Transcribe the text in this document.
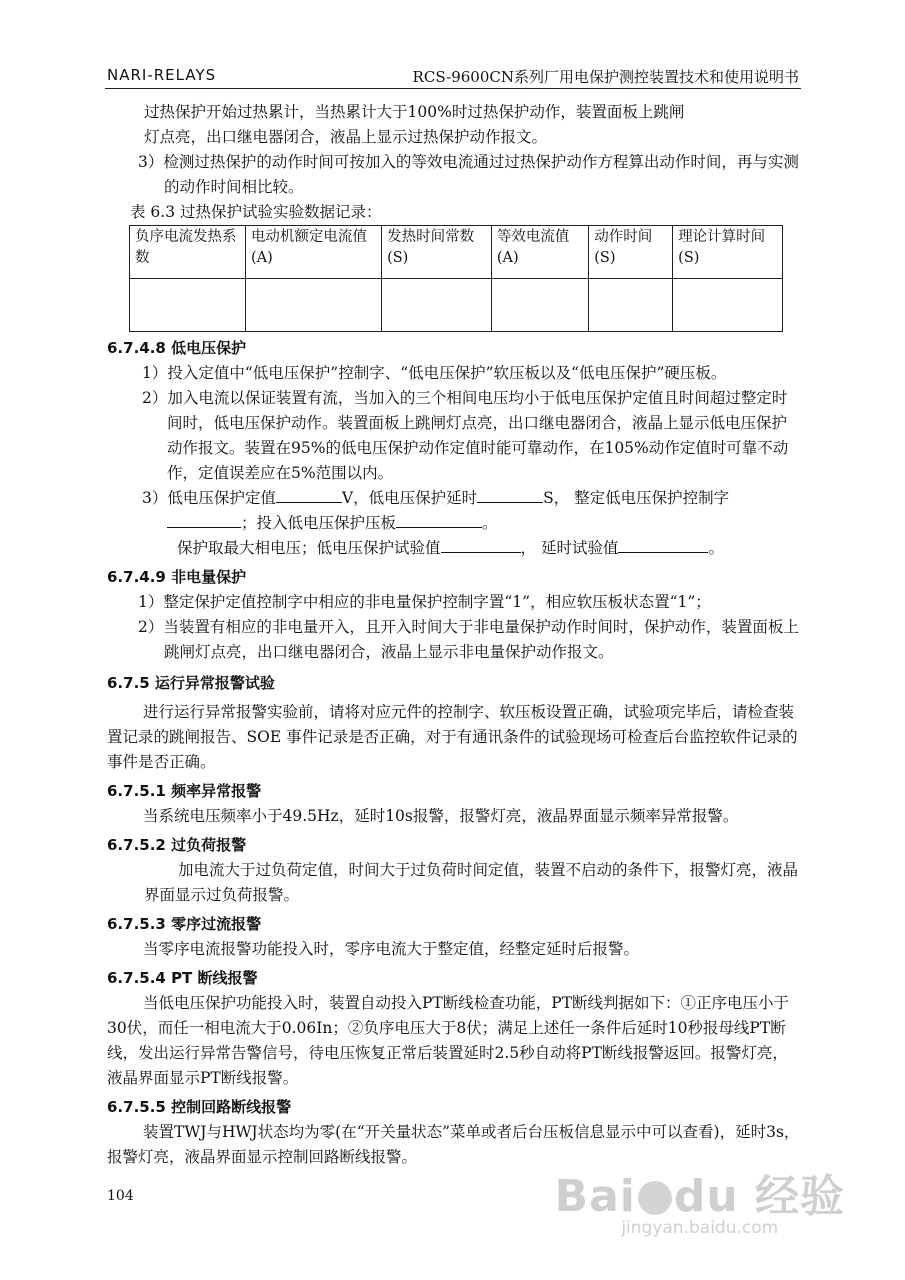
NARI-RELAYS	RCS-9600CN系列厂用电保护测控装置技术和使用说明书
过热保护开始过热累计，当热累计大于100%时过热保护动作，装置面板上跳闸
灯点亮，出口继电器闭合，液晶上显示过热保护动作报文。
3）检测过热保护的动作时间可按加入的等效电流通过过热保护动作方程算出动作时间，再与实测的动作时间相比较。
表 6.3 过热保护试验实验数据记录：
负序电流发热系数	电动机额定电流值(A)	发热时间常数(S)	等效电流值(A)	动作时间(S)	理论计算时间(S)

6.7.4.8 低电压保护
1）投入定值中“低电压保护”控制字、“低电压保护”软压板以及“低电压保护”硬压板。
2）加入电流以保证装置有流，当加入的三个相间电压均小于低电压保护定值且时间超过整定时间时，低电压保护动作。装置面板上跳闸灯点亮，出口继电器闭合，液晶上显示低电压保护动作报文。装置在95%的低电压保护动作定值时能可靠动作，在105%动作定值时可靠不动作，定值误差应在5%范围以内。
3）低电压保护定值	V，低电压保护延时	S， 整定低电压保护控制字；投入低电压保护压板	。
保护取最大相电压；低电压保护试验值	， 延时试验值	。
6.7.4.9 非电量保护
1）整定保护定值控制字中相应的非电量保护控制字置“1”，相应软压板状态置“1”；
2）当装置有相应的非电量开入，且开入时间大于非电量保护动作时间时，保护动作，装置面板上跳闸灯点亮，出口继电器闭合，液晶上显示非电量保护动作报文。
6.7.5 运行异常报警试验
进行运行异常报警实验前，请将对应元件的控制字、软压板设置正确，试验项完毕后，请检查装置记录的跳闸报告、SOE 事件记录是否正确，对于有通讯条件的试验现场可检查后台监控软件记录的事件是否正确。
6.7.5.1 频率异常报警
当系统电压频率小于49.5Hz，延时10s报警，报警灯亮，液晶界面显示频率异常报警。
6.7.5.2 过负荷报警
加电流大于过负荷定值，时间大于过负荷时间定值，装置不启动的条件下，报警灯亮，液晶界面显示过负荷报警。
6.7.5.3 零序过流报警
当零序电流报警功能投入时，零序电流大于整定值，经整定延时后报警。
6.7.5.4 PT 断线报警
当低电压保护功能投入时，装置自动投入PT断线检查功能，PT断线判据如下：①正序电压小于30伏，而任一相电流大于0.06In；②负序电压大于8伏；满足上述任一条件后延时10秒报母线PT断线，发出运行异常告警信号，待电压恢复正常后装置延时2.5秒自动将PT断线报警返回。报警灯亮，液晶界面显示PT断线报警。
6.7.5.5 控制回路断线报警
装置TWJ与HWJ状态均为零(在“开关量状态”菜单或者后台压板信息显示中可以查看)，延时3s，报警灯亮，液晶界面显示控制回路断线报警。
104	Bai du 经验
jingyan.baidu.com
